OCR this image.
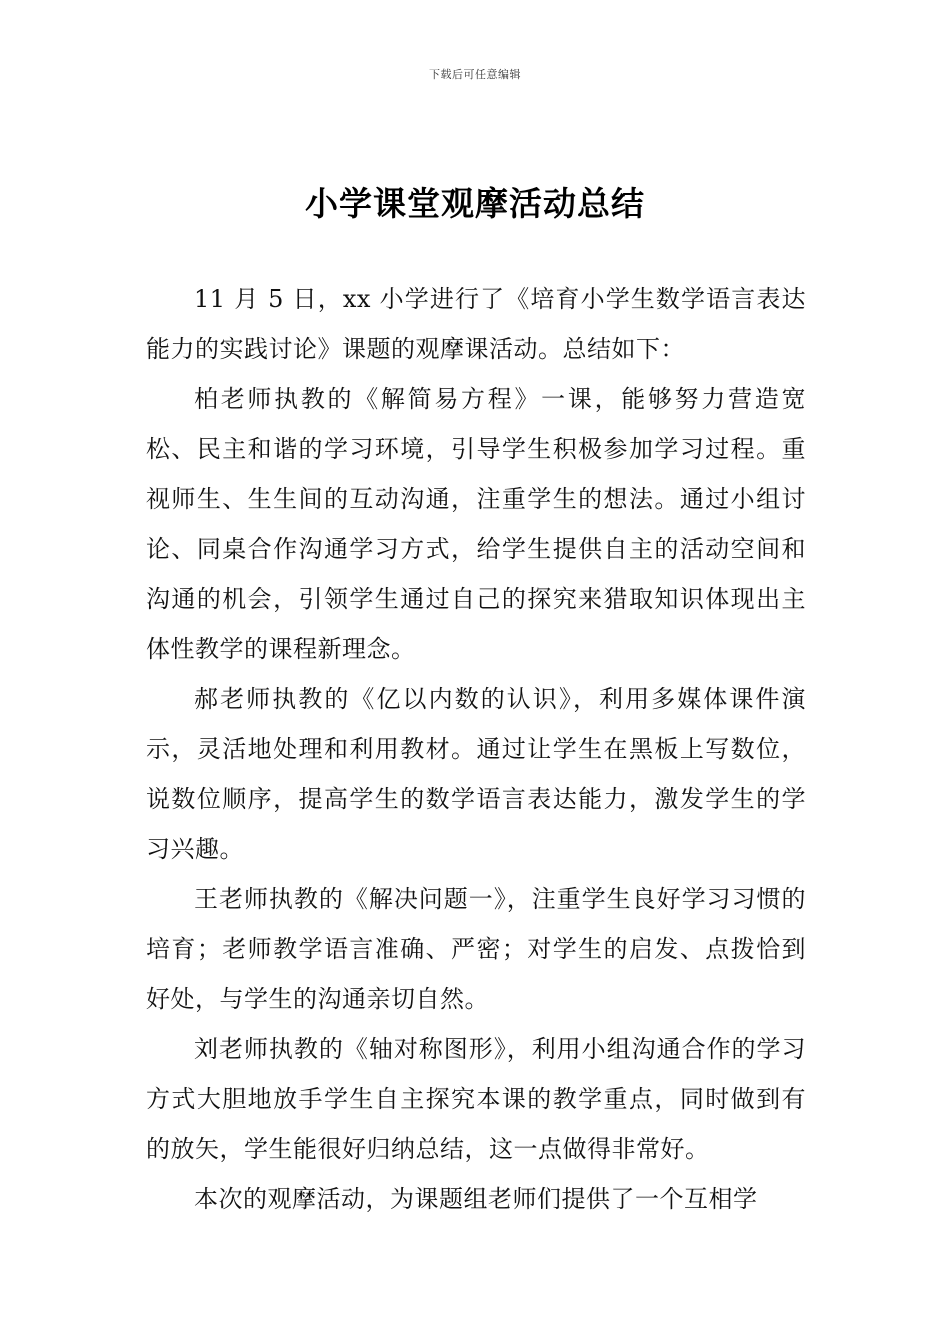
下载后可任意编辑
小学课堂观摩活动总结

11 月 5 日，xx 小学进行了《培育小学生数学语言表达能力的实践讨论》课题的观摩课活动。总结如下：

柏老师执教的《解简易方程》一课，能够努力营造宽松、民主和谐的学习环境，引导学生积极参加学习过程。重视师生、生生间的互动沟通，注重学生的想法。通过小组讨论、同桌合作沟通学习方式，给学生提供自主的活动空间和沟通的机会，引领学生通过自己的探究来猎取知识体现出主体性教学的课程新理念。

郝老师执教的《亿以内数的认识》，利用多媒体课件演示，灵活地处理和利用教材。通过让学生在黑板上写数位，说数位顺序，提高学生的数学语言表达能力，激发学生的学习兴趣。

王老师执教的《解决问题一》，注重学生良好学习习惯的培育；老师教学语言准确、严密；对学生的启发、点拨恰到好处，与学生的沟通亲切自然。

刘老师执教的《轴对称图形》，利用小组沟通合作的学习方式大胆地放手学生自主探究本课的教学重点，同时做到有的放矢，学生能很好归纳总结，这一点做得非常好。

本次的观摩活动，为课题组老师们提供了一个互相学
